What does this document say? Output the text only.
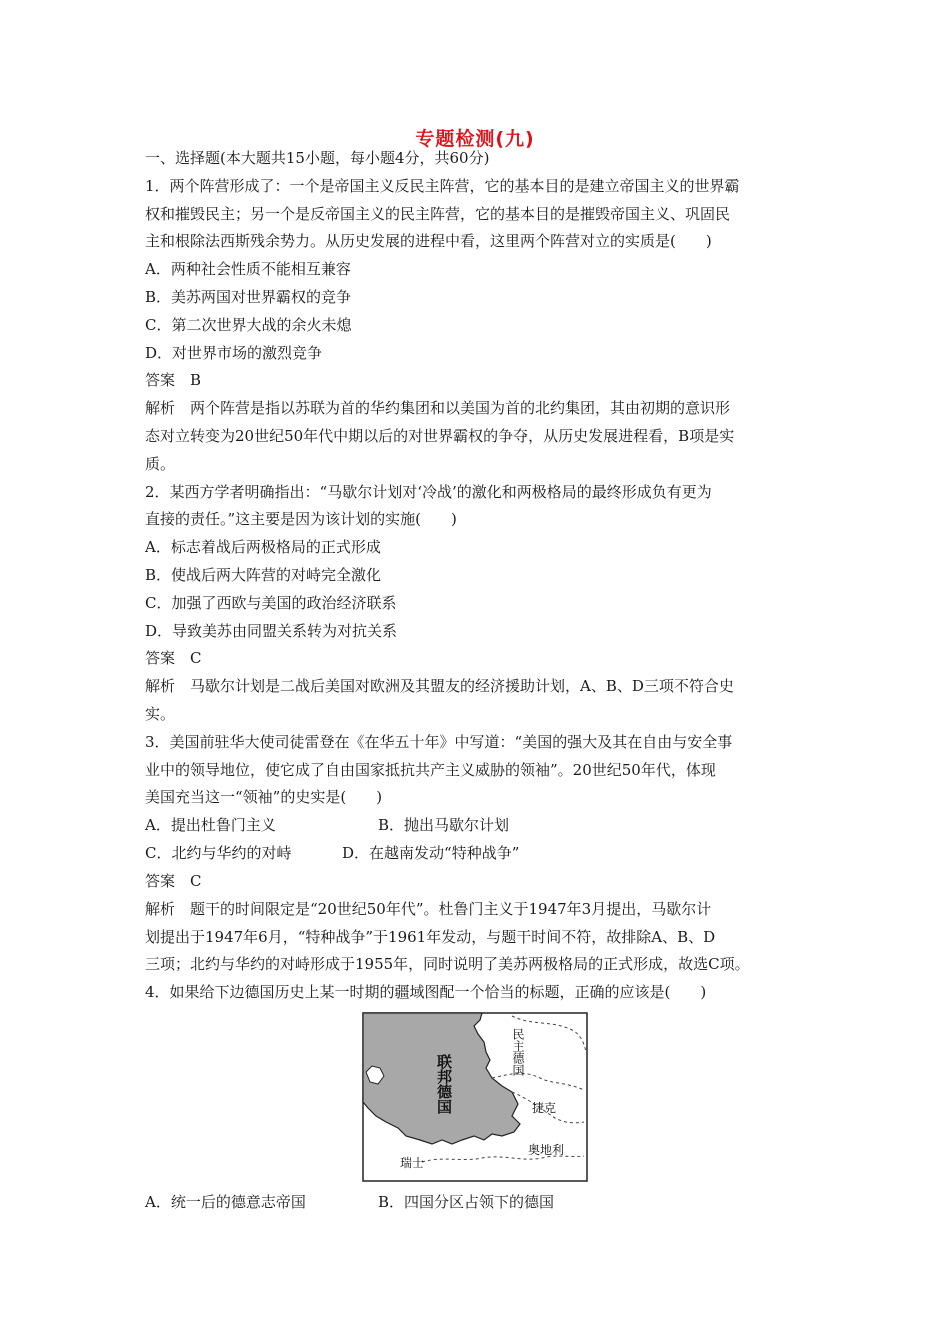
专题检测(九)
一、选择题(本大题共15小题，每小题4分，共60分)
1．两个阵营形成了：一个是帝国主义反民主阵营，它的基本目的是建立帝国主义的世界霸
权和摧毁民主；另一个是反帝国主义的民主阵营，它的基本目的是摧毁帝国主义、巩固民
主和根除法西斯残余势力。从历史发展的进程中看，这里两个阵营对立的实质是(　　)
A．两种社会性质不能相互兼容
B．美苏两国对世界霸权的竞争
C．第二次世界大战的余火未熄
D．对世界市场的激烈竞争
答案　B
解析　两个阵营是指以苏联为首的华约集团和以美国为首的北约集团，其由初期的意识形
态对立转变为20世纪50年代中期以后的对世界霸权的争夺，从历史发展进程看，B项是实
质。
2．某西方学者明确指出：“马歇尔计划对‘冷战’的激化和两极格局的最终形成负有更为
直接的责任。”这主要是因为该计划的实施(　　)
A．标志着战后两极格局的正式形成
B．使战后两大阵营的对峙完全激化
C．加强了西欧与美国的政治经济联系
D．导致美苏由同盟关系转为对抗关系
答案　C
解析　马歇尔计划是二战后美国对欧洲及其盟友的经济援助计划，A、B、D三项不符合史
实。
3．美国前驻华大使司徒雷登在《在华五十年》中写道：“美国的强大及其在自由与安全事
业中的领导地位，使它成了自由国家抵抗共产主义威胁的领袖”。20世纪50年代，体现
美国充当这一“领袖”的史实是(　　)
A．提出杜鲁门主义	B．抛出马歇尔计划
C．北约与华约的对峙	D．在越南发动“特种战争”
答案　C
解析　题干的时间限定是“20世纪50年代”。杜鲁门主义于1947年3月提出，马歇尔计
划提出于1947年6月，“特种战争”于1961年发动，与题干时间不符，故排除A、B、D
三项；北约与华约的对峙形成于1955年，同时说明了美苏两极格局的正式形成，故选C项。
4．如果给下边德国历史上某一时期的疆域图配一个恰当的标题，正确的应该是(　　)
联邦德国
民主德国
捷克
奥地利
瑞士
A．统一后的德意志帝国	B．四国分区占领下的德国
